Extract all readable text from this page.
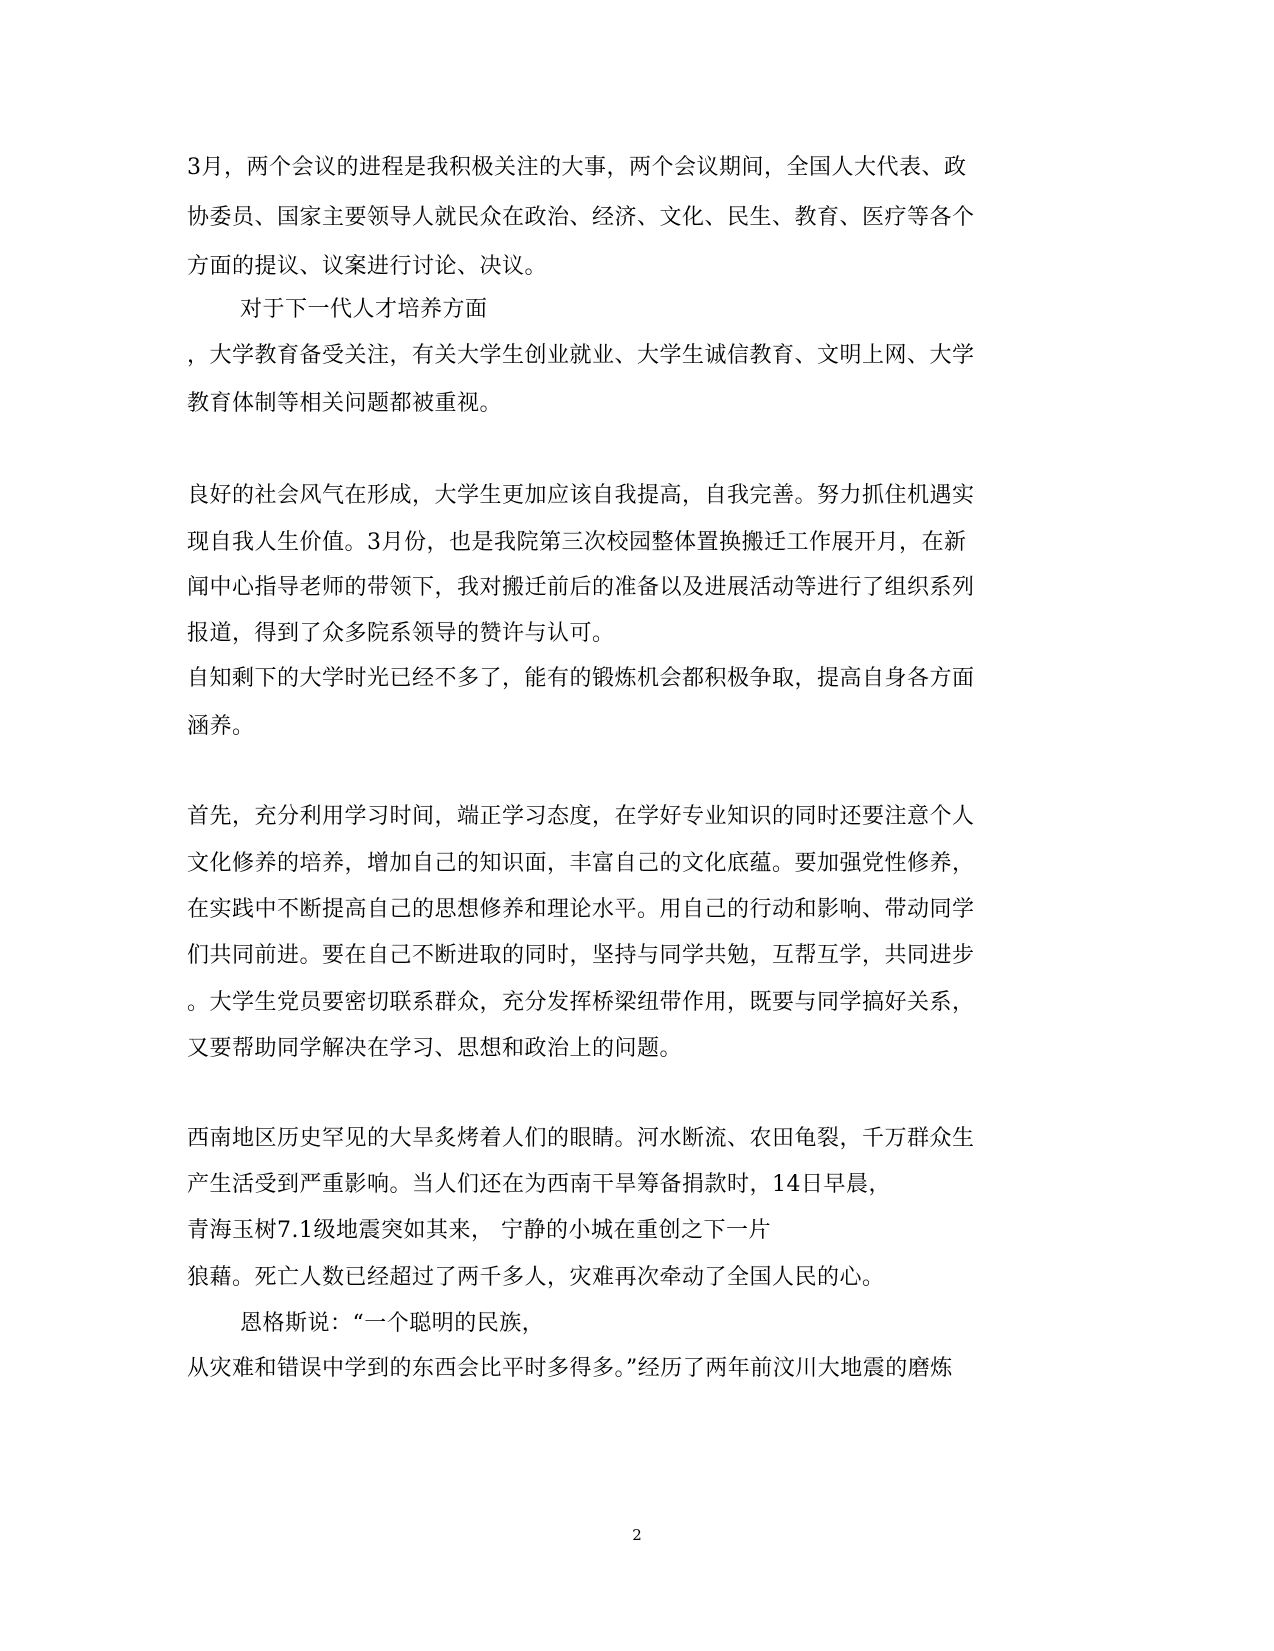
3月，两个会议的进程是我积极关注的大事，两个会议期间，全国人大代表、政
协委员、国家主要领导人就民众在政治、经济、文化、民生、教育、医疗等各个
方面的提议、议案进行讨论、决议。
对于下一代人才培养方面
，大学教育备受关注，有关大学生创业就业、大学生诚信教育、文明上网、大学
教育体制等相关问题都被重视。
良好的社会风气在形成，大学生更加应该自我提高，自我完善。努力抓住机遇实
现自我人生价值。3月份，也是我院第三次校园整体置换搬迁工作展开月，在新
闻中心指导老师的带领下，我对搬迁前后的准备以及进展活动等进行了组织系列
报道，得到了众多院系领导的赞许与认可。
自知剩下的大学时光已经不多了，能有的锻炼机会都积极争取，提高自身各方面
涵养。
首先，充分利用学习时间，端正学习态度，在学好专业知识的同时还要注意个人
文化修养的培养，增加自己的知识面，丰富自己的文化底蕴。要加强党性修养，
在实践中不断提高自己的思想修养和理论水平。用自己的行动和影响、带动同学
们共同前进。要在自己不断进取的同时，坚持与同学共勉，互帮互学，共同进步
。大学生党员要密切联系群众，充分发挥桥梁纽带作用，既要与同学搞好关系，
又要帮助同学解决在学习、思想和政治上的问题。
西南地区历史罕见的大旱炙烤着人们的眼睛。河水断流、农田龟裂，千万群众生
产生活受到严重影响。当人们还在为西南干旱筹备捐款时，14日早晨，
青海玉树7.1级地震突如其来， 宁静的小城在重创之下一片
狼藉。死亡人数已经超过了两千多人，灾难再次牵动了全国人民的心。
恩格斯说：“一个聪明的民族，
从灾难和错误中学到的东西会比平时多得多。”经历了两年前汶川大地震的磨炼
2
